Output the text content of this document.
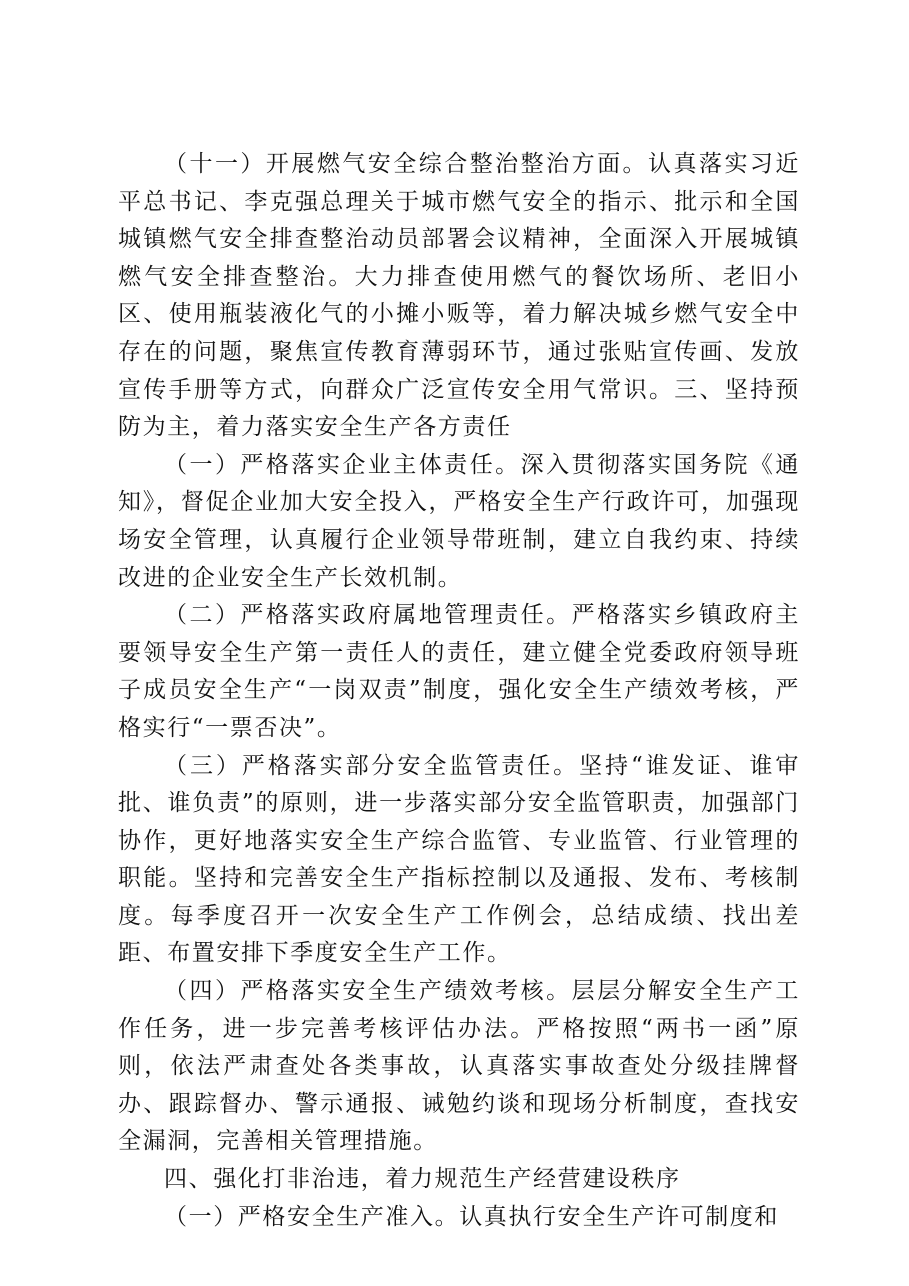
（十一）开展燃气安全综合整治整治方面。认真落实习近平总书记、李克强总理关于城市燃气安全的指示、批示和全国城镇燃气安全排查整治动员部署会议精神，全面深入开展城镇燃气安全排查整治。大力排查使用燃气的餐饮场所、老旧小区、使用瓶装液化气的小摊小贩等，着力解决城乡燃气安全中存在的问题，聚焦宣传教育薄弱环节，通过张贴宣传画、发放宣传手册等方式，向群众广泛宣传安全用气常识。三、坚持预防为主，着力落实安全生产各方责任

（一）严格落实企业主体责任。深入贯彻落实国务院《通知》，督促企业加大安全投入，严格安全生产行政许可，加强现场安全管理，认真履行企业领导带班制，建立自我约束、持续改进的企业安全生产长效机制。

（二）严格落实政府属地管理责任。严格落实乡镇政府主要领导安全生产第一责任人的责任，建立健全党委政府领导班子成员安全生产“一岗双责”制度，强化安全生产绩效考核，严格实行“一票否决”。

（三）严格落实部分安全监管责任。坚持“谁发证、谁审批、谁负责”的原则，进一步落实部分安全监管职责，加强部门协作，更好地落实安全生产综合监管、专业监管、行业管理的职能。坚持和完善安全生产指标控制以及通报、发布、考核制度。每季度召开一次安全生产工作例会，总结成绩、找出差距、布置安排下季度安全生产工作。

（四）严格落实安全生产绩效考核。层层分解安全生产工作任务，进一步完善考核评估办法。严格按照“两书一函”原则，依法严肃查处各类事故，认真落实事故查处分级挂牌督办、跟踪督办、警示通报、诫勉约谈和现场分析制度，查找安全漏洞，完善相关管理措施。

四、强化打非治违，着力规范生产经营建设秩序

（一）严格安全生产准入。认真执行安全生产许可制度和
